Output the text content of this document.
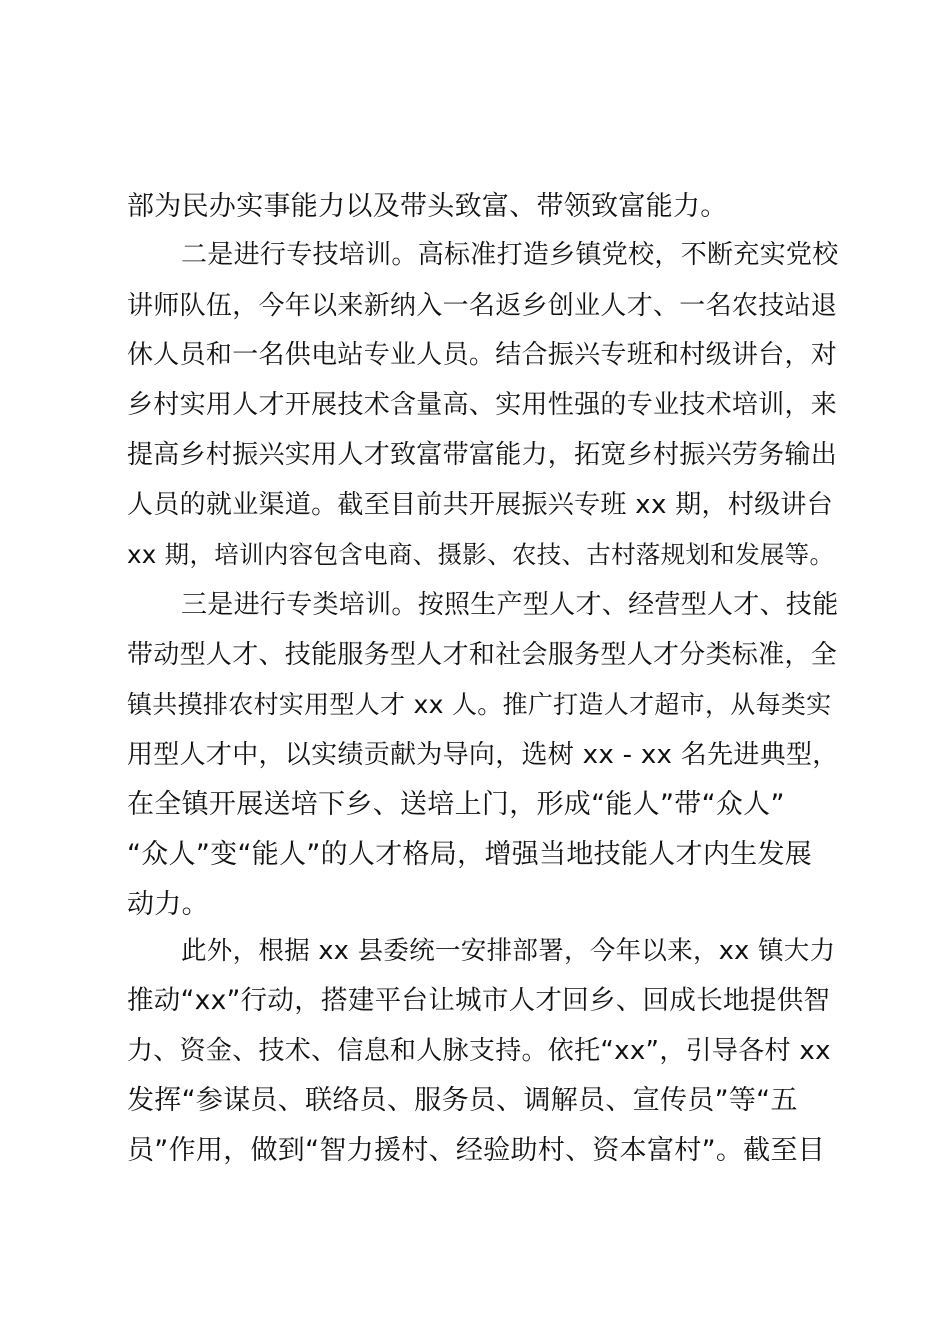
部为民办实事能力以及带头致富、带领致富能力。
二是进行专技培训。高标准打造乡镇党校，不断充实党校
讲师队伍，今年以来新纳入一名返乡创业人才、一名农技站退
休人员和一名供电站专业人员。结合振兴专班和村级讲台，对
乡村实用人才开展技术含量高、实用性强的专业技术培训，来
提高乡村振兴实用人才致富带富能力，拓宽乡村振兴劳务输出
人员的就业渠道。截至目前共开展振兴专班 xx 期，村级讲台
xx 期，培训内容包含电商、摄影、农技、古村落规划和发展等。
三是进行专类培训。按照生产型人才、经营型人才、技能
带动型人才、技能服务型人才和社会服务型人才分类标准，全
镇共摸排农村实用型人才 xx 人。推广打造人才超市，从每类实
用型人才中，以实绩贡献为导向，选树 xx - xx 名先进典型，
在全镇开展送培下乡、送培上门，形成“能人”带“众人”
“众人”变“能人”的人才格局，增强当地技能人才内生发展
动力。
此外，根据 xx 县委统一安排部署，今年以来，xx 镇大力
推动“xx”行动，搭建平台让城市人才回乡、回成长地提供智
力、资金、技术、信息和人脉支持。依托“xx”，引导各村 xx
发挥“参谋员、联络员、服务员、调解员、宣传员”等“五
员”作用，做到“智力援村、经验助村、资本富村”。截至目
